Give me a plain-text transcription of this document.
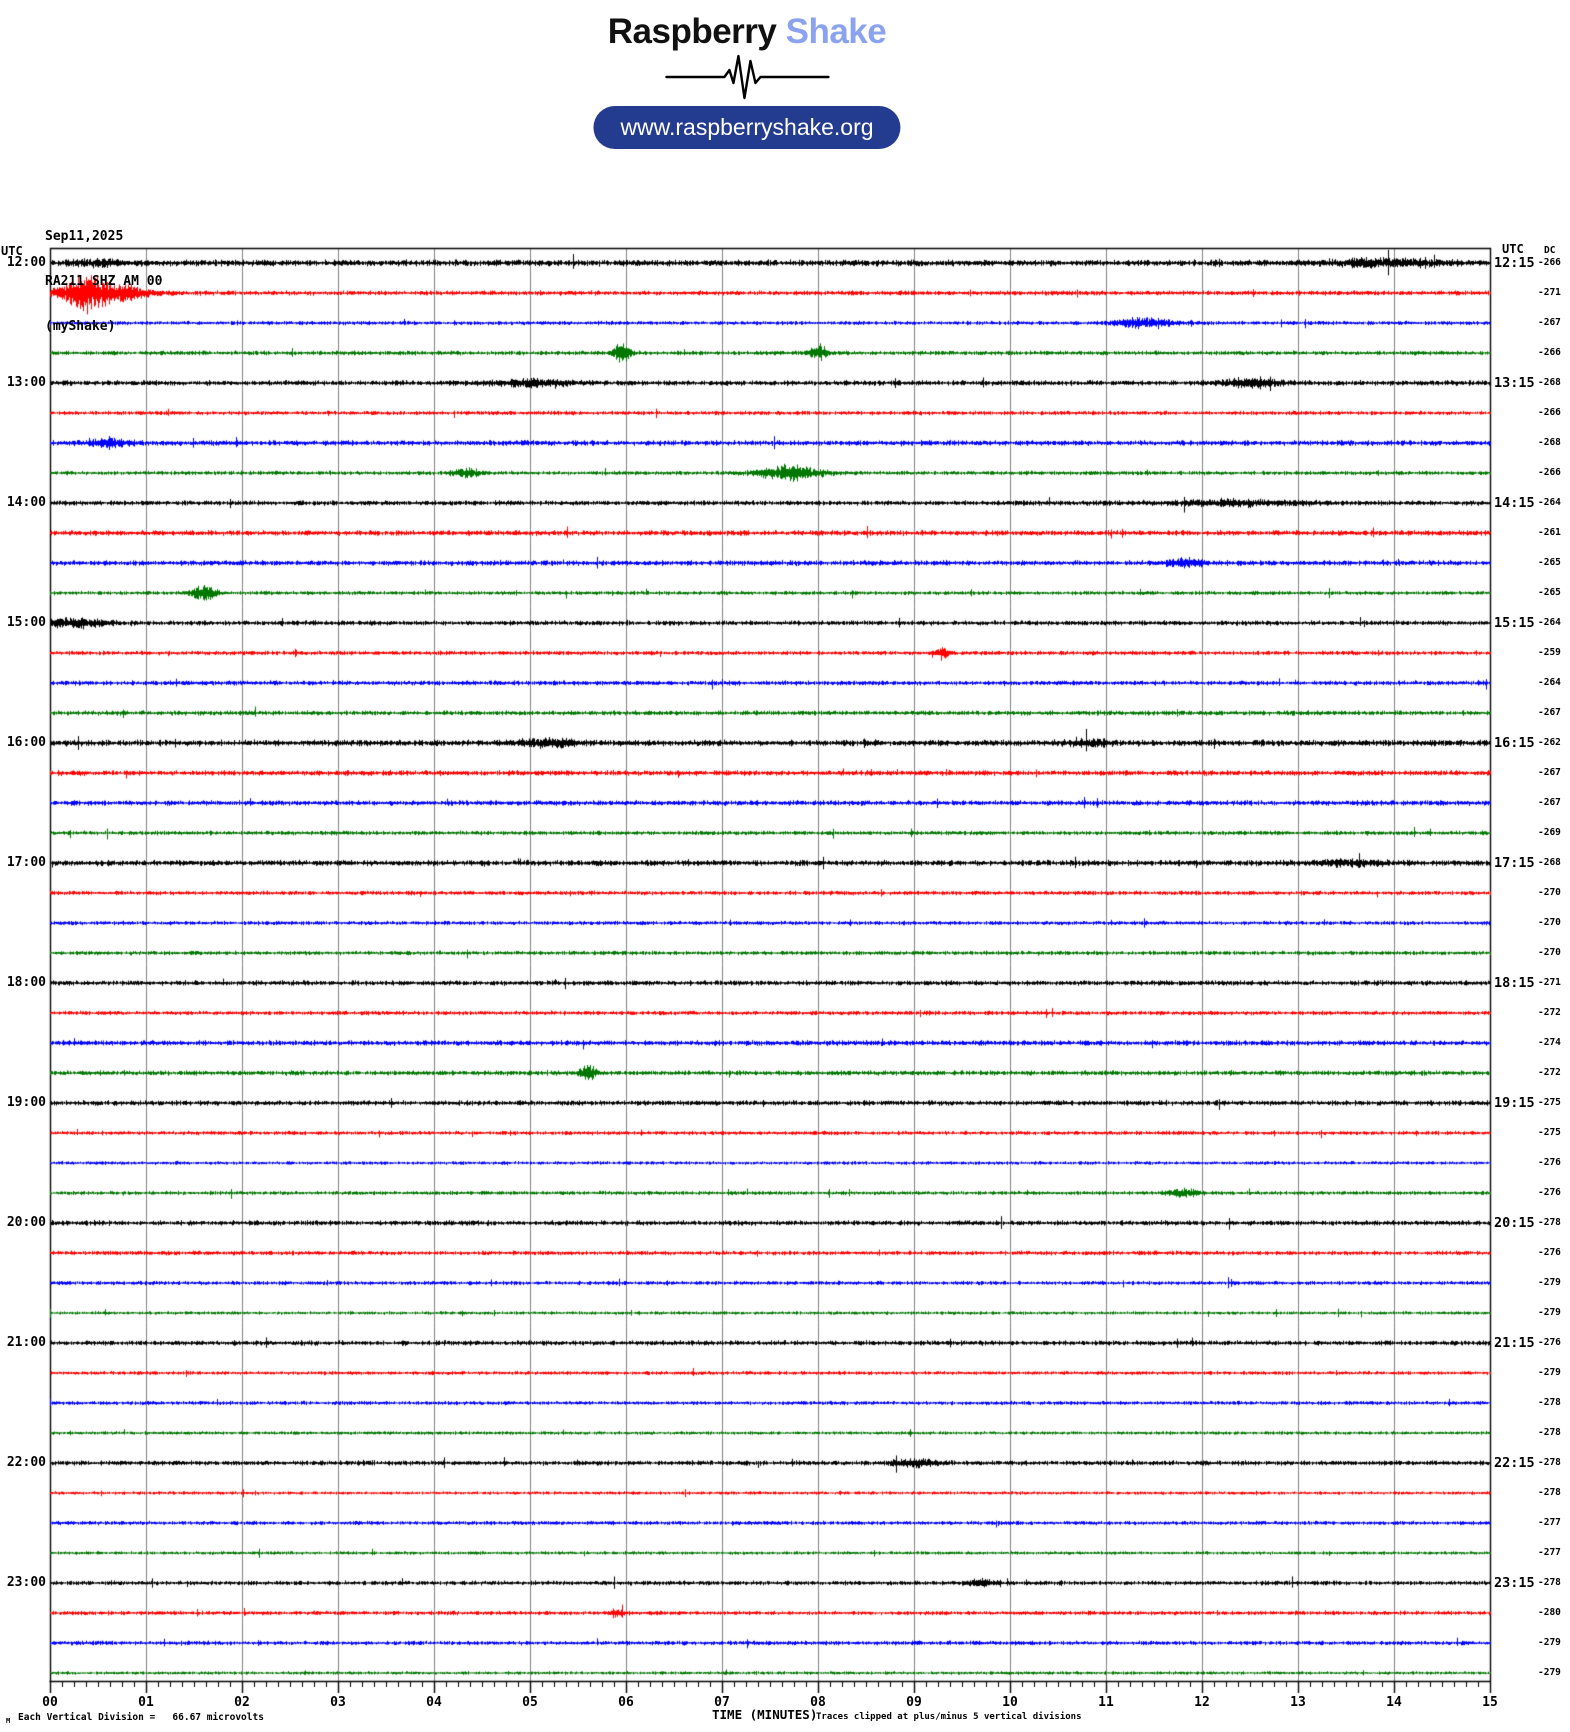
Raspberry Shake
www.raspberryshake.org

Sep11,2025

RA211 SHZ AM 00

(myShake)

UTC	UTC DC
12:00
13:00
14:00
15:00
16:00
17:00
18:00
19:00
20:00
21:00
22:00
23:00
12:15
13:15
14:15
15:15
16:15
17:15
18:15
19:15
20:15
21:15
22:15
23:15
-266
-271
-267
-266
-268
-266
-268
-266
-264
-261
-265
-265
-264
-259
-264
-267
-262
-267
-267
-269
-268
-270
-270
-270
-271
-272
-274
-272
-275
-275
-276
-276
-278
-276
-279
-279
-276
-279
-278
-278
-278
-278
-277
-277
-278
-280
-279
-279
00	01	02	03	04	05	06	07	08	09	10	11	12	13	14	15
M Each Vertical Division =   66.67 microvolts	TIME (MINUTES)
Traces clipped at plus/minus 5 vertical divisions
